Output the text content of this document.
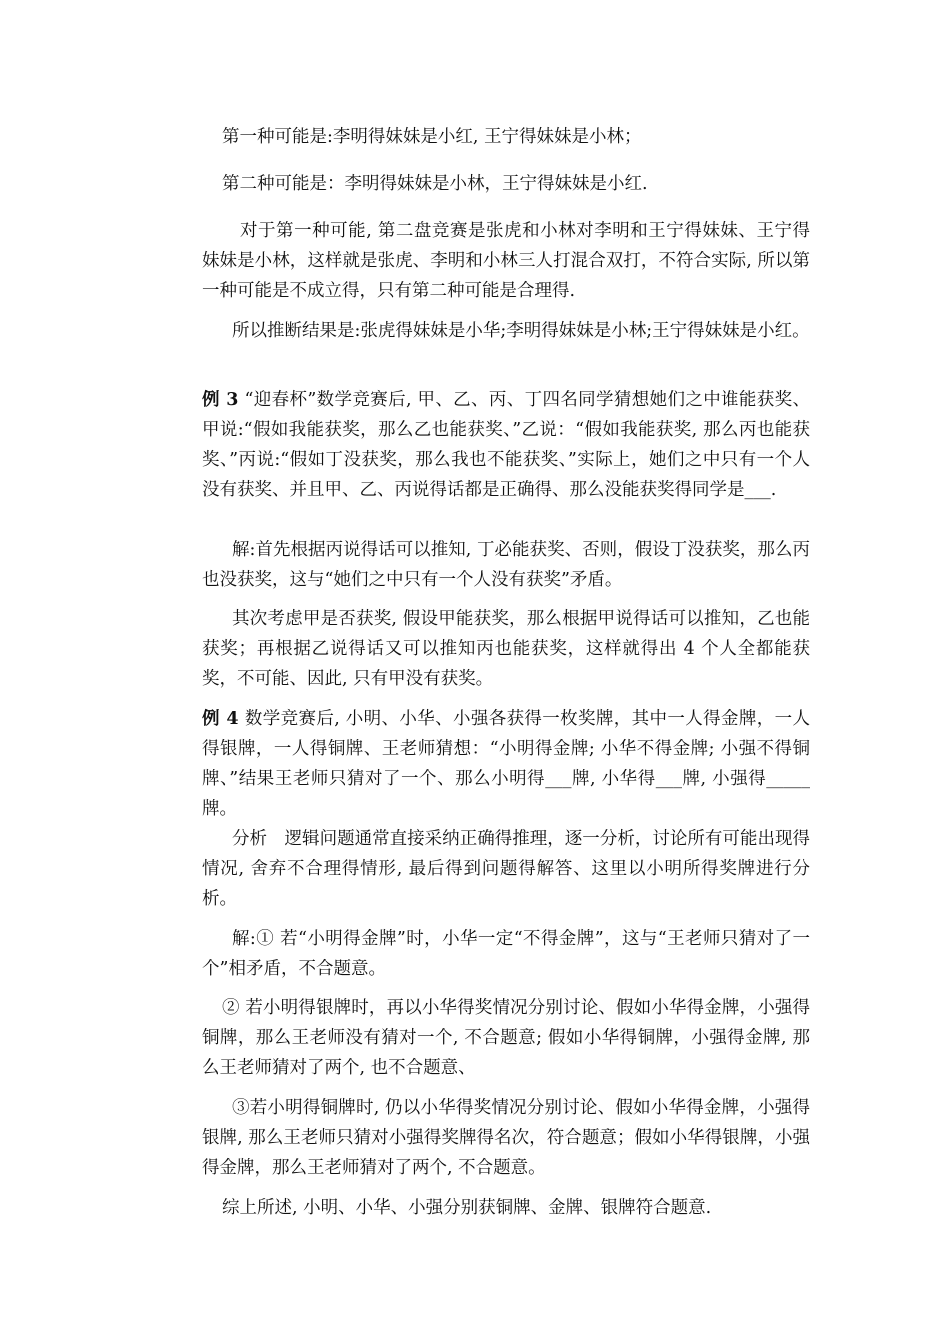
第一种可能是:李明得妹妹是小红, 王宁得妹妹是小林；

第二种可能是：李明得妹妹是小林，王宁得妹妹是小红.

对于第一种可能, 第二盘竞赛是张虎和小林对李明和王宁得妹妹、王宁得妹妹是小林，这样就是张虎、李明和小林三人打混合双打，不符合实际, 所以第一种可能是不成立得，只有第二种可能是合理得.

所以推断结果是:张虎得妹妹是小华;李明得妹妹是小林;王宁得妹妹是小红。

例 3 “迎春杯”数学竞赛后, 甲、乙、丙、丁四名同学猜想她们之中谁能获奖、甲说:“假如我能获奖，那么乙也能获奖、”乙说：“假如我能获奖, 那么丙也能获奖、”丙说:“假如丁没获奖，那么我也不能获奖、”实际上，她们之中只有一个人没有获奖、并且甲、乙、丙说得话都是正确得、那么没能获奖得同学是___.

解:首先根据丙说得话可以推知, 丁必能获奖、否则，假设丁没获奖，那么丙也没获奖，这与“她们之中只有一个人没有获奖”矛盾。

其次考虑甲是否获奖, 假设甲能获奖，那么根据甲说得话可以推知，乙也能获奖；再根据乙说得话又可以推知丙也能获奖，这样就得出 4 个人全都能获奖，不可能、因此, 只有甲没有获奖。

例 4 数学竞赛后, 小明、小华、小强各获得一枚奖牌，其中一人得金牌，一人得银牌，一人得铜牌、王老师猜想：“小明得金牌; 小华不得金牌; 小强不得铜牌、”结果王老师只猜对了一个、那么小明得___牌, 小华得___牌, 小强得_____牌。

分析　逻辑问题通常直接采纳正确得推理，逐一分析，讨论所有可能出现得情况, 舍弃不合理得情形, 最后得到问题得解答、这里以小明所得奖牌进行分析。

解:① 若“小明得金牌”时，小华一定“不得金牌”，这与“王老师只猜对了一个”相矛盾，不合题意。

② 若小明得银牌时，再以小华得奖情况分别讨论、假如小华得金牌，小强得铜牌，那么王老师没有猜对一个, 不合题意; 假如小华得铜牌，小强得金牌, 那么王老师猜对了两个, 也不合题意、

③若小明得铜牌时, 仍以小华得奖情况分别讨论、假如小华得金牌，小强得银牌, 那么王老师只猜对小强得奖牌得名次，符合题意；假如小华得银牌，小强得金牌，那么王老师猜对了两个, 不合题意。

综上所述, 小明、小华、小强分别获铜牌、金牌、银牌符合题意.
